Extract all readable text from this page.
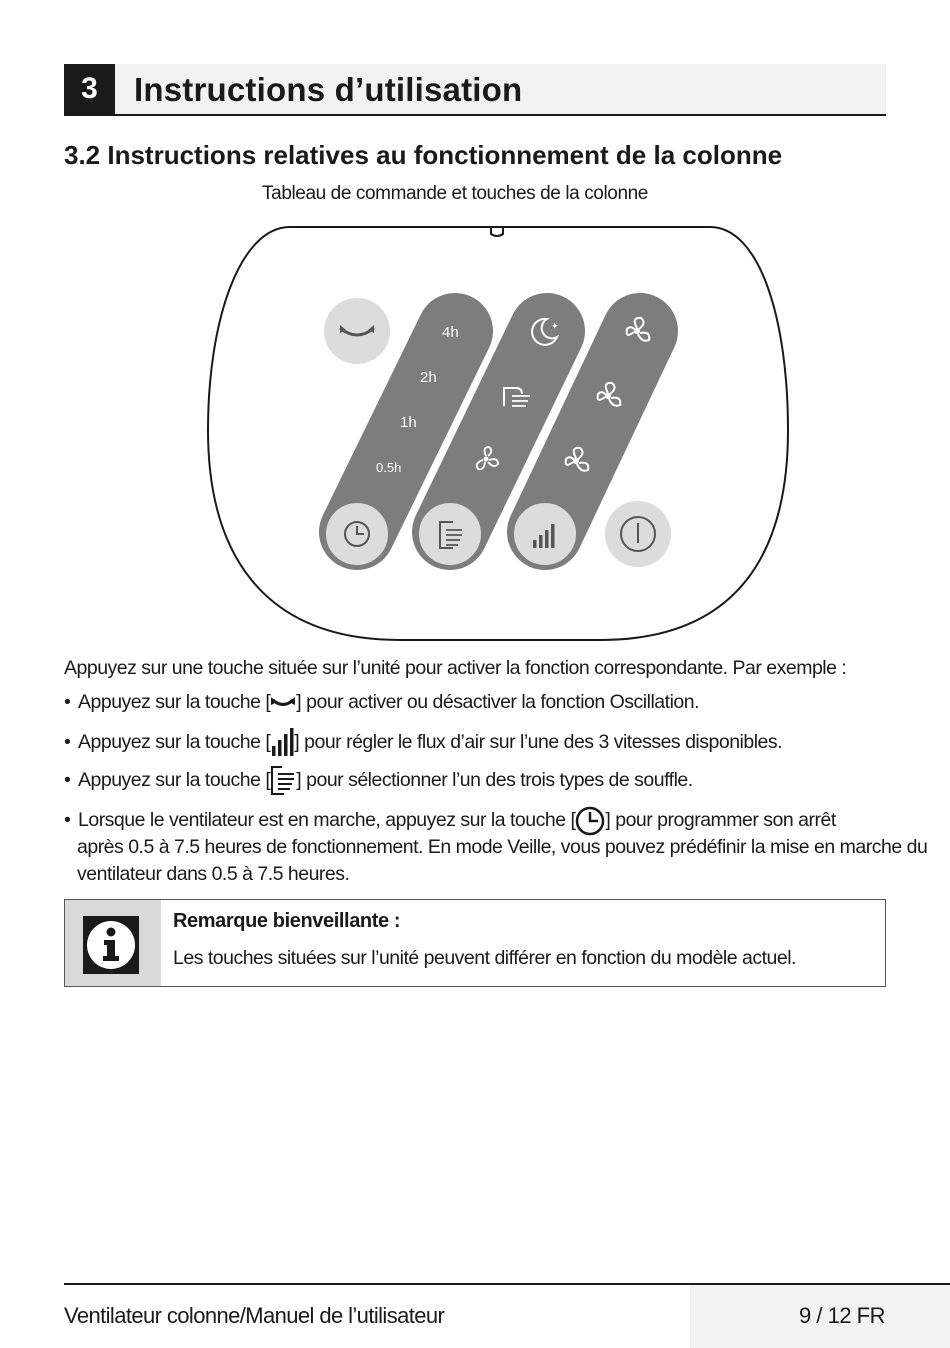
3	Instructions d’utilisation
3.2 Instructions relatives au fonctionnement de la colonne
Tableau de commande et touches de la colonne
4h
2h
1h
0.5h
✦
Appuyez sur une touche située sur l’unité pour activer la fonction correspondante. Par exemple :
• Appuyez sur la touche [ ] pour activer ou désactiver la fonction Oscillation.
• Appuyez sur la touche [ ] pour régler le flux d’air sur l’une des 3 vitesses disponibles.
• Appuyez sur la touche [ ] pour sélectionner l’un des trois types de souffle.
• Lorsque le ventilateur est en marche, appuyez sur la touche [ ] pour programmer son arrêt
après 0.5 à 7.5 heures de fonctionnement. En mode Veille, vous pouvez prédéfinir la mise en marche du
ventilateur dans 0.5 à 7.5 heures.
Remarque bienveillante :
Les touches situées sur l’unité peuvent différer en fonction du modèle actuel.
Ventilateur colonne/Manuel de l’utilisateur	9 / 12 FR
